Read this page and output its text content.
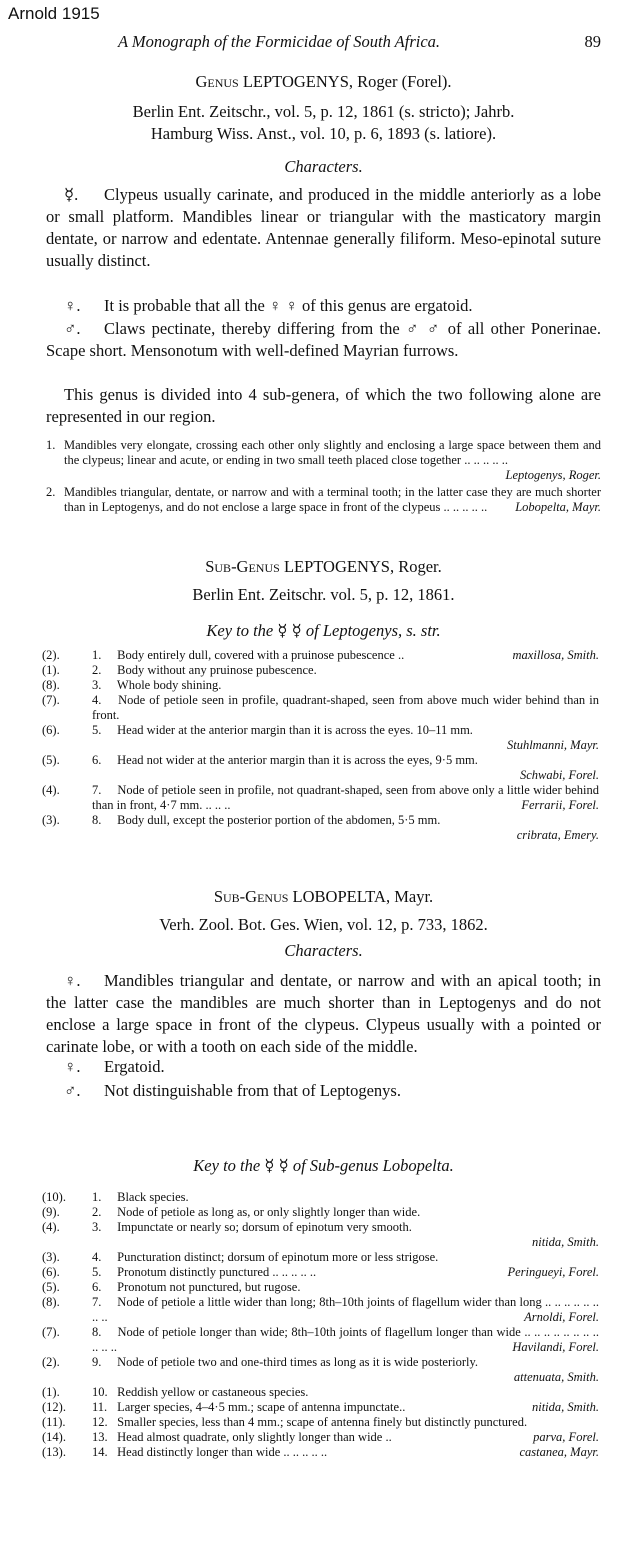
Arnold 1915
A Monograph of the Formicidae of South Africa.	89
Genus LEPTOGENYS, Roger (Forel).
Berlin Ent. Zeitschr., vol. 5, p. 12, 1861 (s. stricto); Jahrb.
Hamburg Wiss. Anst., vol. 10, p. 6, 1893 (s. latiore).
Characters.
☿. Clypeus usually carinate, and produced in the middle anteriorly as a lobe or small platform. Mandibles linear or triangular with the masticatory margin dentate, or narrow and edentate. Antennae generally filiform. Meso-epinotal suture usually distinct.
♀. It is probable that all the ♀ ♀ of this genus are ergatoid.
♂. Claws pectinate, thereby differing from the ♂ ♂ of all other Ponerinae. Scape short. Mensonotum with well-defined Mayrian furrows.
This genus is divided into 4 sub-genera, of which the two following alone are represented in our region.
1. Mandibles very elongate, crossing each other only slightly and enclosing a large space between them and the clypeus; linear and acute, or ending in two small teeth placed close together .. .. .. .. ..
Leptogenys, Roger.
2. Mandibles triangular, dentate, or narrow and with a terminal tooth; in the latter case they are much shorter than in Leptogenys, and do not enclose a large space in front of the clypeus .. .. .. .. .. Lobopelta, Mayr.
Sub-Genus LEPTOGENYS, Roger.
Berlin Ent. Zeitschr. vol. 5, p. 12, 1861.
Key to the ☿ ☿ of Leptogenys, s. str.
(2).	1. Body entirely dull, covered with a pruinose pubescence ..	maxillosa, Smith.
(1).	2. Body without any pruinose pubescence.
(8).	3. Whole body shining.
(7).	4. Node of petiole seen in profile, quadrant-shaped, seen from above much wider behind than in front.
(6).	5. Head wider at the anterior margin than it is across the eyes. 10–11 mm.
Stuhlmanni, Mayr.
(5).	6. Head not wider at the anterior margin than it is across the eyes, 9·5 mm.
Schwabi, Forel.
(4).	7. Node of petiole seen in profile, not quadrant-shaped, seen from above only a little wider behind than in front, 4·7 mm. .. .. ..	Ferrarii, Forel.
(3).	8. Body dull, except the posterior portion of the abdomen, 5·5 mm.
cribrata, Emery.
Sub-Genus LOBOPELTA, Mayr.
Verh. Zool. Bot. Ges. Wien, vol. 12, p. 733, 1862.
Characters.
♀. Mandibles triangular and dentate, or narrow and with an apical tooth; in the latter case the mandibles are much shorter than in Leptogenys and do not enclose a large space in front of the clypeus. Clypeus usually with a pointed or carinate lobe, or with a tooth on each side of the middle.
♀. Ergatoid.
♂. Not distinguishable from that of Leptogenys.
Key to the ☿ ☿ of Sub-genus Lobopelta.
(10).	1. Black species.
(9).	2. Node of petiole as long as, or only slightly longer than wide.
(4).	3. Impunctate or nearly so; dorsum of epinotum very smooth.
nitida, Smith.
(3).	4. Puncturation distinct; dorsum of epinotum more or less strigose.
(6).	5. Pronotum distinctly punctured .. .. .. .. ..	Peringueyi, Forel.
(5).	6. Pronotum not punctured, but rugose.
(8).	7. Node of petiole a little wider than long; 8th–10th joints of flagellum wider than long .. .. .. .. .. .. .. ..	Arnoldi, Forel.
(7).	8. Node of petiole longer than wide; 8th–10th joints of flagellum longer than wide .. .. .. .. .. .. .. .. .. .. ..	Havilandi, Forel.
(2).	9. Node of petiole two and one-third times as long as it is wide posteriorly.
attenuata, Smith.
(1).	10. Reddish yellow or castaneous species.
(12).	11. Larger species, 4–4·5 mm.; scape of antenna impunctate..	nitida, Smith.
(11).	12. Smaller species, less than 4 mm.; scape of antenna finely but distinctly punctured.
(14).	13. Head almost quadrate, only slightly longer than wide ..	parva, Forel.
(13).	14. Head distinctly longer than wide .. .. .. .. ..	castanea, Mayr.
